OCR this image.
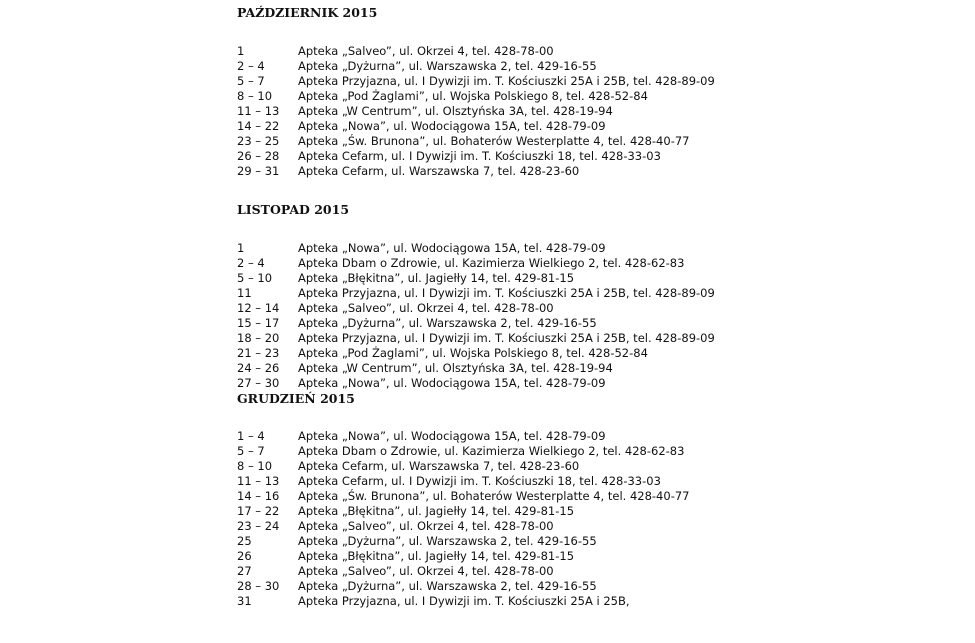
PAŹDZIERNIK 2015
1	Apteka „Salveo”, ul. Okrzei 4, tel. 428-78-00
2 – 4	Apteka „Dyżurna”, ul. Warszawska 2, tel. 429-16-55
5 – 7	Apteka Przyjazna, ul. I Dywizji im. T. Kościuszki 25A i 25B, tel. 428-89-09
8 – 10	Apteka „Pod Żaglami”, ul. Wojska Polskiego 8, tel. 428-52-84
11 – 13	Apteka „W Centrum”, ul. Olsztyńska 3A, tel. 428-19-94
14 – 22	Apteka „Nowa”, ul. Wodociągowa 15A, tel. 428-79-09
23 – 25	Apteka „Św. Brunona”, ul. Bohaterów Westerplatte 4, tel. 428-40-77
26 – 28	Apteka Cefarm, ul. I Dywizji im. T. Kościuszki 18, tel. 428-33-03
29 – 31	Apteka Cefarm, ul. Warszawska 7, tel. 428-23-60
LISTOPAD 2015
1	Apteka „Nowa”, ul. Wodociągowa 15A, tel. 428-79-09
2 – 4	Apteka Dbam o Zdrowie, ul. Kazimierza Wielkiego 2, tel. 428-62-83
5 – 10	Apteka „Błękitna”, ul. Jagiełły 14, tel. 429-81-15
11	Apteka Przyjazna, ul. I Dywizji im. T. Kościuszki 25A i 25B, tel. 428-89-09
12 – 14	Apteka „Salveo”, ul. Okrzei 4, tel. 428-78-00
15 – 17	Apteka „Dyżurna”, ul. Warszawska 2, tel. 429-16-55
18 – 20	Apteka Przyjazna, ul. I Dywizji im. T. Kościuszki 25A i 25B, tel. 428-89-09
21 – 23	Apteka „Pod Żaglami”, ul. Wojska Polskiego 8, tel. 428-52-84
24 – 26	Apteka „W Centrum”, ul. Olsztyńska 3A, tel. 428-19-94
27 – 30	Apteka „Nowa”, ul. Wodociągowa 15A, tel. 428-79-09
GRUDZIEŃ 2015
1 – 4	Apteka „Nowa”, ul. Wodociągowa 15A, tel. 428-79-09
5 – 7	Apteka Dbam o Zdrowie, ul. Kazimierza Wielkiego 2, tel. 428-62-83
8 – 10	Apteka Cefarm, ul. Warszawska 7, tel. 428-23-60
11 – 13	Apteka Cefarm, ul. I Dywizji im. T. Kościuszki 18, tel. 428-33-03
14 – 16	Apteka „Św. Brunona”, ul. Bohaterów Westerplatte 4, tel. 428-40-77
17 – 22	Apteka „Błękitna”, ul. Jagiełły 14, tel. 429-81-15
23 – 24	Apteka „Salveo”, ul. Okrzei 4, tel. 428-78-00
25	Apteka „Dyżurna”, ul. Warszawska 2, tel. 429-16-55
26	Apteka „Błękitna”, ul. Jagiełły 14, tel. 429-81-15
27	Apteka „Salveo”, ul. Okrzei 4, tel. 428-78-00
28 – 30	Apteka „Dyżurna”, ul. Warszawska 2, tel. 429-16-55
31	Apteka Przyjazna, ul. I Dywizji im. T. Kościuszki 25A i 25B,
